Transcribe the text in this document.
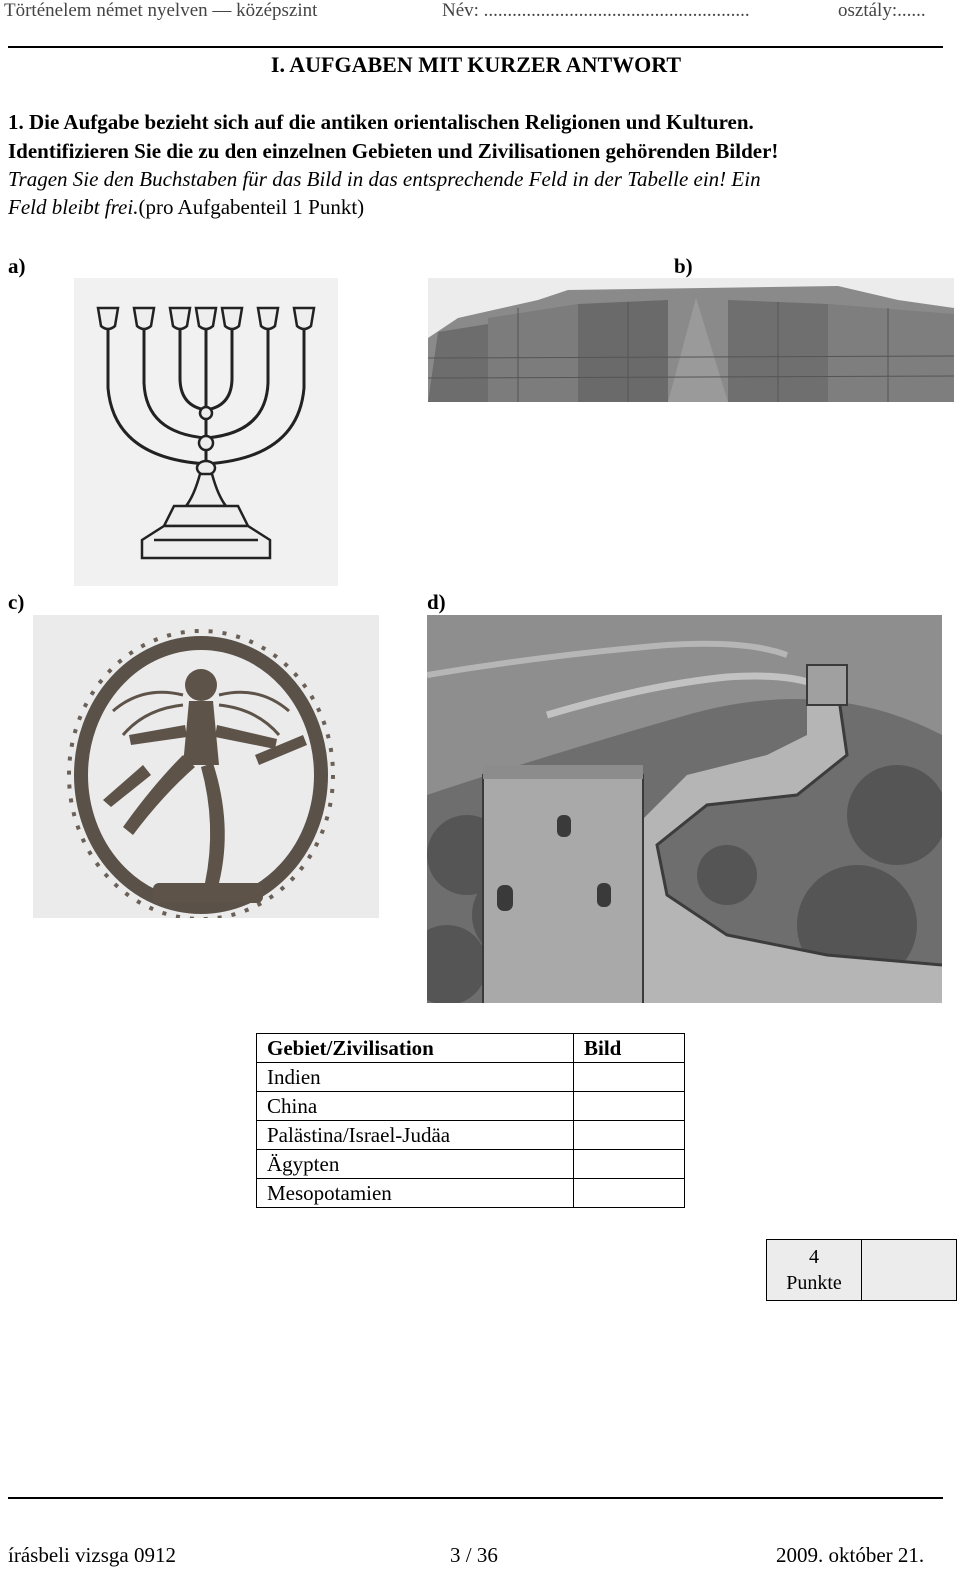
Történelem német nyelven — középszint	Név: ........................................................	osztály:......
I. AUFGABEN MIT KURZER ANTWORT
1. Die Aufgabe bezieht sich auf die antiken orientalischen Religionen und Kulturen.
Identifizieren Sie die zu den einzelnen Gebieten und Zivilisationen gehörenden Bilder!
Tragen Sie den Buchstaben für das Bild in das entsprechende Feld in der Tabelle ein! Ein
Feld bleibt frei.(pro Aufgabenteil 1 Punkt)
a)	b)
c)	d)
Gebiet/Zivilisation	Bild
Indien	
China	
Palästina/Israel-Judäa	
Ägypten	
Mesopotamien	
4
Punkte

írásbeli vizsga 0912	3 / 36	2009. október 21.
